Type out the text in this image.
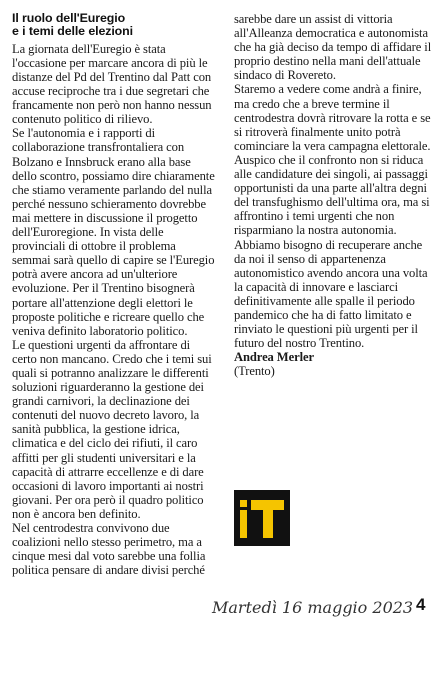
Il ruolo dell'Euregio
e i temi delle elezioni

La giornata dell'Euregio è stata l'occasione per marcare ancora di più le distanze del Pd del Trentino dal Patt con accuse reciproche tra i due segretari che francamente non però non hanno nessun contenuto politico di rilievo.

Se l'autonomia e i rapporti di collaborazione transfrontaliera con Bolzano e Innsbruck erano alla base dello scontro, possiamo dire chiaramente che stiamo veramente parlando del nulla perché nessuno schieramento dovrebbe mai mettere in discussione il progetto dell'Euroregione. In vista delle provinciali di ottobre il problema semmai sarà quello di capire se l'Euregio potrà avere ancora ad un'ulteriore evoluzione. Per il Trentino bisognerà portare all'attenzione degli elettori le proposte politiche e ricreare quello che veniva definito laboratorio politico.

Le questioni urgenti da affrontare di certo non mancano. Credo che i temi sui quali si potranno analizzare le differenti soluzioni riguarderanno la gestione dei grandi carnivori, la declinazione dei contenuti del nuovo decreto lavoro, la sanità pubblica, la gestione idrica, climatica e del ciclo dei rifiuti, il caro affitti per gli studenti universitari e la capacità di attrarre eccellenze e di dare occasioni di lavoro importanti ai nostri giovani. Per ora però il quadro politico non è ancora ben definito.

Nel centrodestra convivono due coalizioni nello stesso perimetro, ma a cinque mesi dal voto sarebbe una follia politica pensare di andare divisi perché

sarebbe dare un assist di vittoria all'Alleanza democratica e autonomista che ha già deciso da tempo di affidare il proprio destino nella mani dell'attuale sindaco di Rovereto.

Staremo a vedere come andrà a finire, ma credo che a breve termine il centrodestra dovrà ritrovare la rotta e se si ritroverà finalmente unito potrà cominciare la vera campagna elettorale. Auspico che il confronto non si riduca alle candidature dei singoli, ai passaggi opportunisti da una parte all'altra degni del transfughismo dell'ultima ora, ma si affrontino i temi urgenti che non risparmiano la nostra autonomia.

Abbiamo bisogno di recuperare anche da noi il senso di appartenenza autonomistico avendo ancora una volta la capacità di innovare e lasciarci definitivamente alle spalle il periodo pandemico che ha di fatto limitato e rinviato le questioni più urgenti per il futuro del nostro Trentino.

Andrea Merler

(Trento)

Martedì 16 maggio 2023 4
